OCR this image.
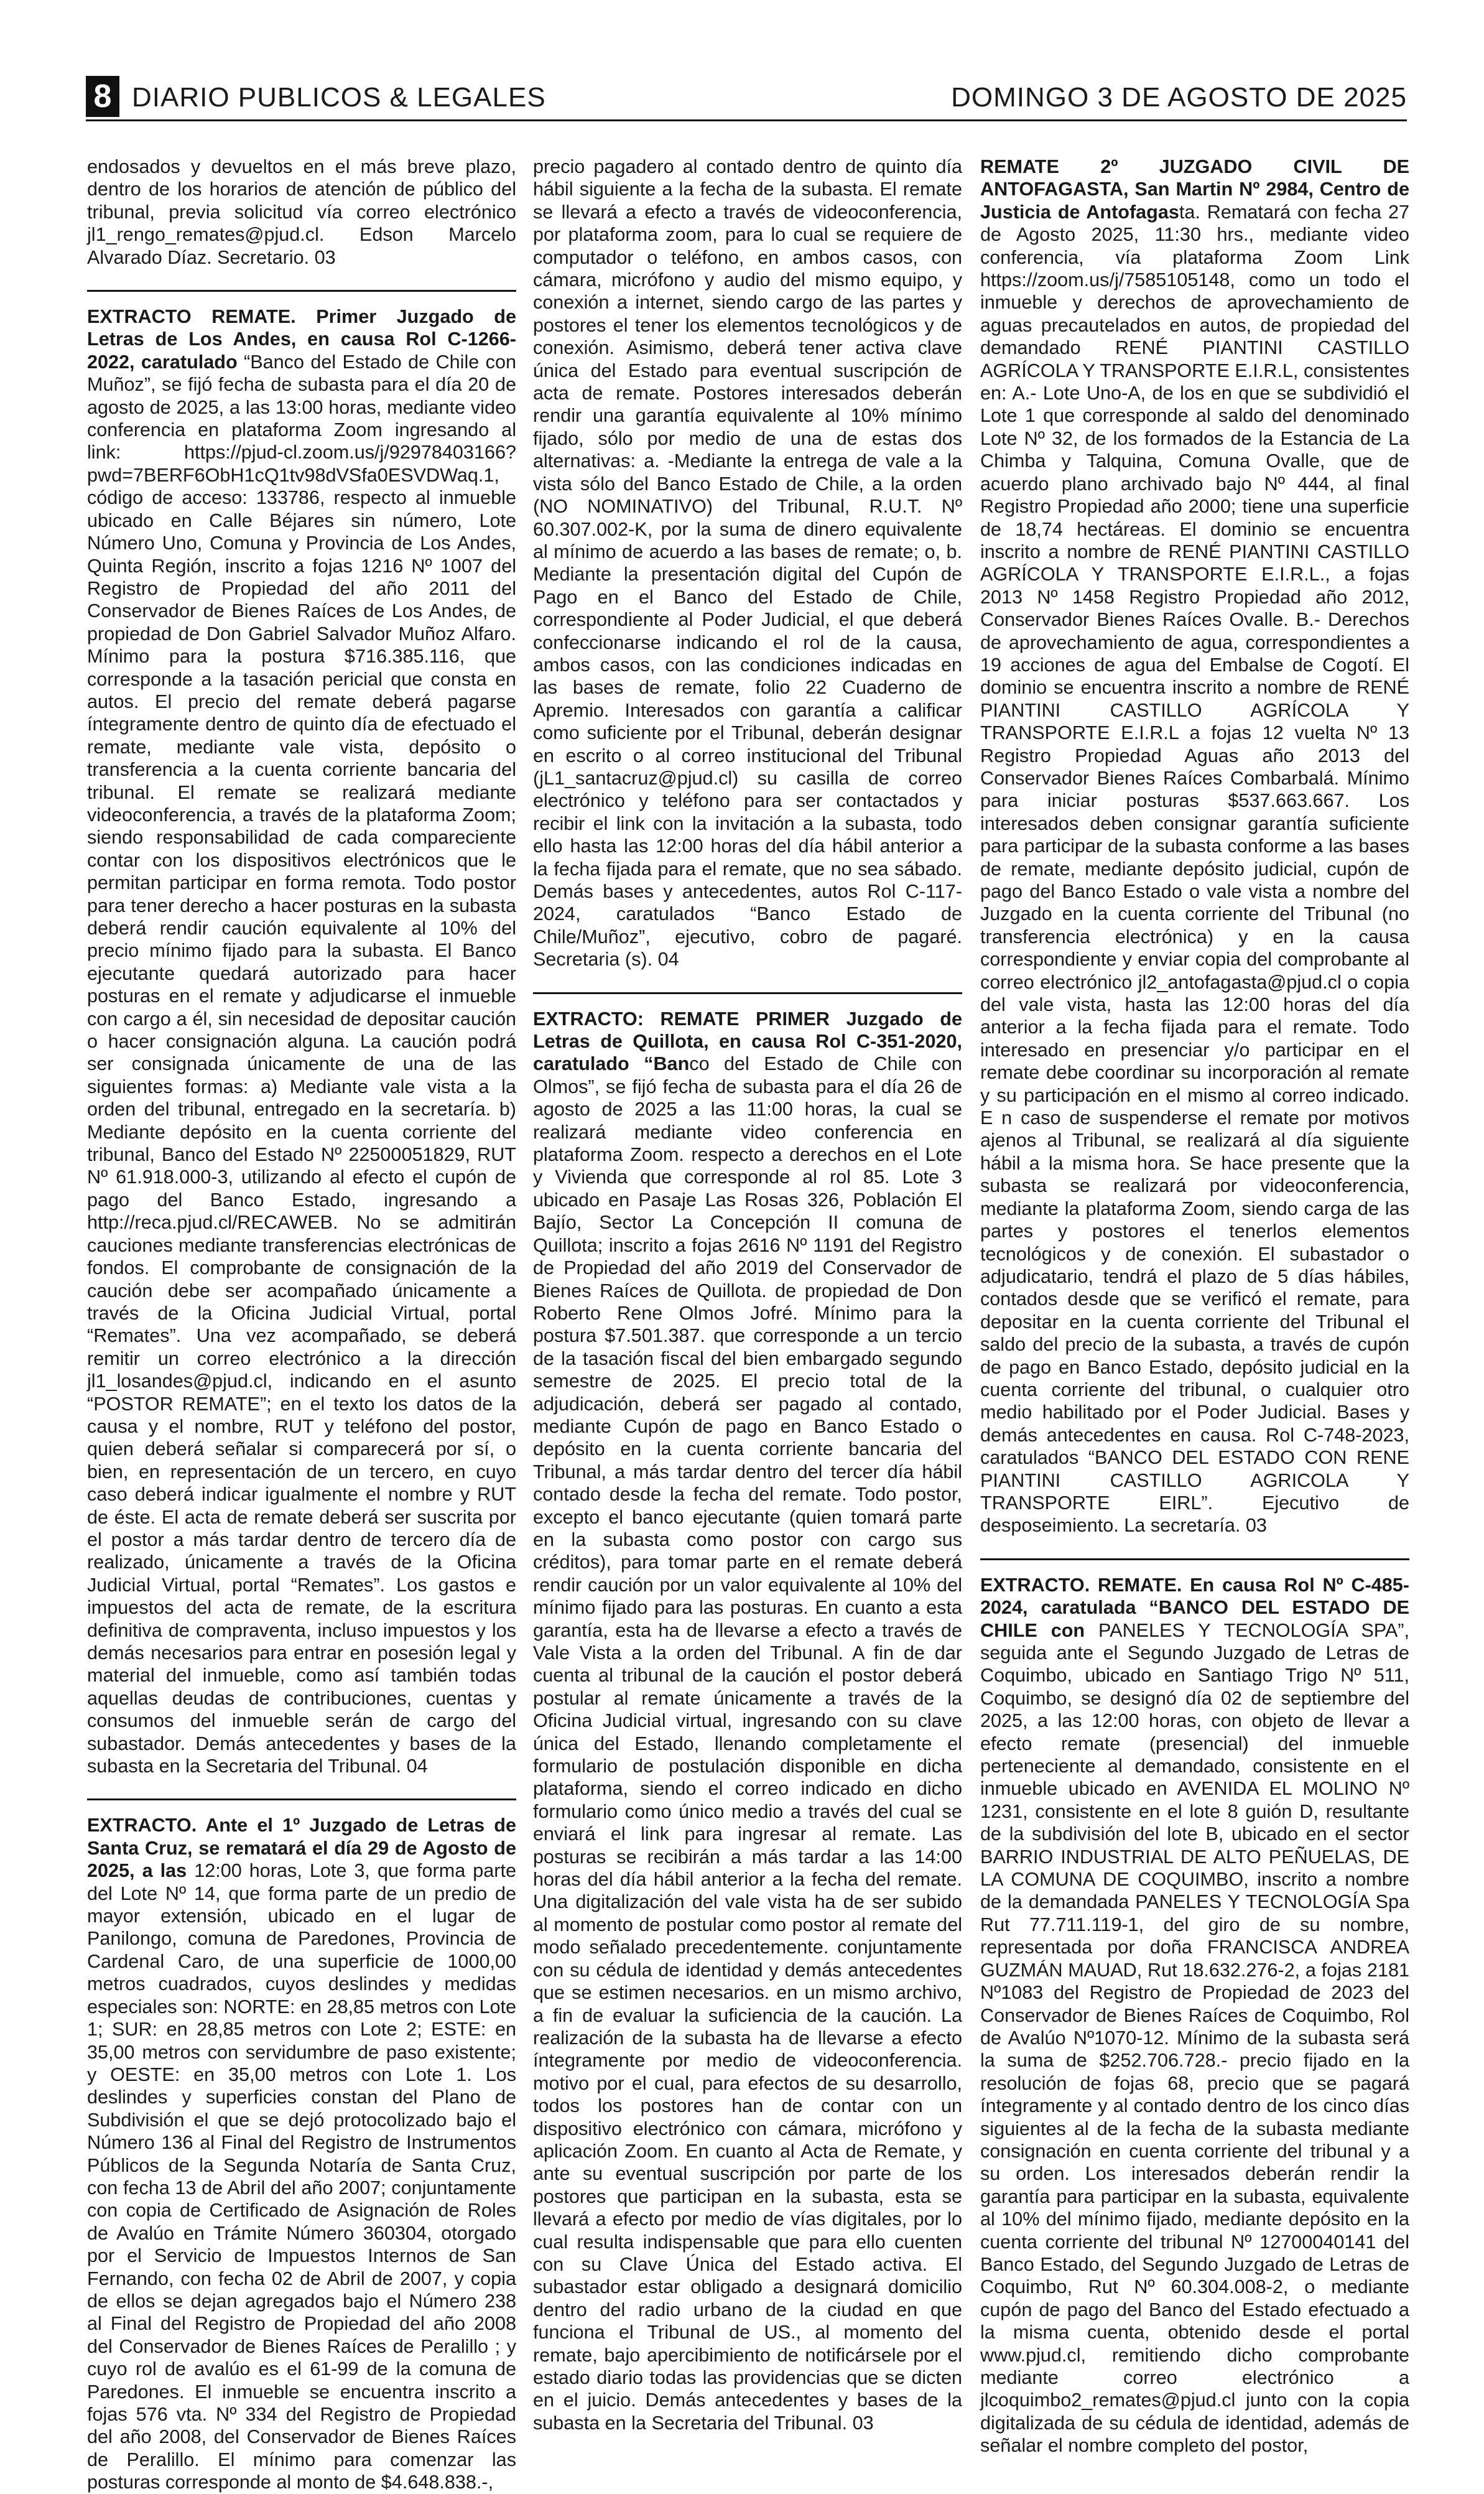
8 DIARIO PUBLICOS & LEGALES	DOMINGO 3 DE AGOSTO DE 2025

endosados y devueltos en el más breve plazo, dentro de los horarios de atención de público del tribunal, previa solicitud vía correo electrónico jl1_rengo_remates@pjud.cl. Edson Marcelo Alvarado Díaz. Secretario. 03

EXTRACTO REMATE. Primer Juzgado de Letras de Los Andes, en causa Rol C-1266-2022, caratulado “Banco del Estado de Chile con Muñoz”, se fijó fecha de subasta para el día 20 de agosto de 2025, a las 13:00 horas, mediante video conferencia en plataforma Zoom ingresando al link: https://pjud-cl.zoom.us/j/92978403166?pwd=7BERF6ObH1cQ1tv98dVSfa0ESVDWaq.1, código de acceso: 133786, respecto al inmueble ubicado en Calle Béjares sin número, Lote Número Uno, Comuna y Provincia de Los Andes, Quinta Región, inscrito a fojas 1216 Nº 1007 del Registro de Propiedad del año 2011 del Conservador de Bienes Raíces de Los Andes, de propiedad de Don Gabriel Salvador Muñoz Alfaro. Mínimo para la postura $716.385.116, que corresponde a la tasación pericial que consta en autos. El precio del remate deberá pagarse íntegramente dentro de quinto día de efectuado el remate, mediante vale vista, depósito o transferencia a la cuenta corriente bancaria del tribunal. El remate se realizará mediante videoconferencia, a través de la plataforma Zoom; siendo responsabilidad de cada compareciente contar con los dispositivos electrónicos que le permitan participar en forma remota. Todo postor para tener derecho a hacer posturas en la subasta deberá rendir caución equivalente al 10% del precio mínimo fijado para la subasta. El Banco ejecutante quedará autorizado para hacer posturas en el remate y adjudicarse el inmueble con cargo a él, sin necesidad de depositar caución o hacer consignación alguna. La caución podrá ser consignada únicamente de una de las siguientes formas: a) Mediante vale vista a la orden del tribunal, entregado en la secretaría. b) Mediante depósito en la cuenta corriente del tribunal, Banco del Estado Nº 22500051829, RUT Nº 61.918.000-3, utilizando al efecto el cupón de pago del Banco Estado, ingresando a http://reca.pjud.cl/RECAWEB. No se admitirán cauciones mediante transferencias electrónicas de fondos. El comprobante de consignación de la caución debe ser acompañado únicamente a través de la Oficina Judicial Virtual, portal “Remates”. Una vez acompañado, se deberá remitir un correo electrónico a la dirección jl1_losandes@pjud.cl, indicando en el asunto “POSTOR REMATE”; en el texto los datos de la causa y el nombre, RUT y teléfono del postor, quien deberá señalar si comparecerá por sí, o bien, en representación de un tercero, en cuyo caso deberá indicar igualmente el nombre y RUT de éste. El acta de remate deberá ser suscrita por el postor a más tardar dentro de tercero día de realizado, únicamente a través de la Oficina Judicial Virtual, portal “Remates”. Los gastos e impuestos del acta de remate, de la escritura definitiva de compraventa, incluso impuestos y los demás necesarios para entrar en posesión legal y material del inmueble, como así también todas aquellas deudas de contribuciones, cuentas y consumos del inmueble serán de cargo del subastador. Demás antecedentes y bases de la subasta en la Secretaria del Tribunal. 04

EXTRACTO. Ante el 1º Juzgado de Letras de Santa Cruz, se rematará el día 29 de Agosto de 2025, a las 12:00 horas, Lote 3, que forma parte del Lote Nº 14, que forma parte de un predio de mayor extensión, ubicado en el lugar de Panilongo, comuna de Paredones, Provincia de Cardenal Caro, de una superficie de 1000,00 metros cuadrados, cuyos deslindes y medidas especiales son: NORTE: en 28,85 metros con Lote 1; SUR: en 28,85 metros con Lote 2; ESTE: en 35,00 metros con servidumbre de paso existente; y OESTE: en 35,00 metros con Lote 1. Los deslindes y superficies constan del Plano de Subdivisión el que se dejó protocolizado bajo el Número 136 al Final del Registro de Instrumentos Públicos de la Segunda Notaría de Santa Cruz, con fecha 13 de Abril del año 2007; conjuntamente con copia de Certificado de Asignación de Roles de Avalúo en Trámite Número 360304, otorgado por el Servicio de Impuestos Internos de San Fernando, con fecha 02 de Abril de 2007, y copia de ellos se dejan agregados bajo el Número 238 al Final del Registro de Propiedad del año 2008 del Conservador de Bienes Raíces de Peralillo ; y cuyo rol de avalúo es el 61-99 de la comuna de Paredones. El inmueble se encuentra inscrito a fojas 576 vta. Nº 334 del Registro de Propiedad del año 2008, del Conservador de Bienes Raíces de Peralillo. El mínimo para comenzar las posturas corresponde al monto de $4.648.838.-,

precio pagadero al contado dentro de quinto día hábil siguiente a la fecha de la subasta. El remate se llevará a efecto a través de videoconferencia, por plataforma zoom, para lo cual se requiere de computador o teléfono, en ambos casos, con cámara, micrófono y audio del mismo equipo, y conexión a internet, siendo cargo de las partes y postores el tener los elementos tecnológicos y de conexión. Asimismo, deberá tener activa clave única del Estado para eventual suscripción de acta de remate. Postores interesados deberán rendir una garantía equivalente al 10% mínimo fijado, sólo por medio de una de estas dos alternativas: a. -Mediante la entrega de vale a la vista sólo del Banco Estado de Chile, a la orden (NO NOMINATIVO) del Tribunal, R.U.T. Nº 60.307.002-K, por la suma de dinero equivalente al mínimo de acuerdo a las bases de remate; o, b. Mediante la presentación digital del Cupón de Pago en el Banco del Estado de Chile, correspondiente al Poder Judicial, el que deberá confeccionarse indicando el rol de la causa, ambos casos, con las condiciones indicadas en las bases de remate, folio 22 Cuaderno de Apremio. Interesados con garantía a calificar como suficiente por el Tribunal, deberán designar en escrito o al correo institucional del Tribunal (jL1_santacruz@pjud.cl) su casilla de correo electrónico y teléfono para ser contactados y recibir el link con la invitación a la subasta, todo ello hasta las 12:00 horas del día hábil anterior a la fecha fijada para el remate, que no sea sábado. Demás bases y antecedentes, autos Rol C-117-2024, caratulados “Banco Estado de Chile/Muñoz”, ejecutivo, cobro de pagaré. Secretaria (s). 04

EXTRACTO: REMATE PRIMER Juzgado de Letras de Quillota, en causa Rol C-351-2020, caratulado “Banco del Estado de Chile con Olmos”, se fijó fecha de subasta para el día 26 de agosto de 2025 a las 11:00 horas, la cual se realizará mediante video conferencia en plataforma Zoom. respecto a derechos en el Lote y Vivienda que corresponde al rol 85. Lote 3 ubicado en Pasaje Las Rosas 326, Población El Bajío, Sector La Concepción II comuna de Quillota; inscrito a fojas 2616 Nº 1191 del Registro de Propiedad del año 2019 del Conservador de Bienes Raíces de Quillota. de propiedad de Don Roberto Rene Olmos Jofré. Mínimo para la postura $7.501.387. que corresponde a un tercio de la tasación fiscal del bien embargado segundo semestre de 2025. El precio total de la adjudicación, deberá ser pagado al contado, mediante Cupón de pago en Banco Estado o depósito en la cuenta corriente bancaria del Tribunal, a más tardar dentro del tercer día hábil contado desde la fecha del remate. Todo postor, excepto el banco ejecutante (quien tomará parte en la subasta como postor con cargo sus créditos), para tomar parte en el remate deberá rendir caución por un valor equivalente al 10% del mínimo fijado para las posturas. En cuanto a esta garantía, esta ha de llevarse a efecto a través de Vale Vista a la orden del Tribunal. A fin de dar cuenta al tribunal de la caución el postor deberá postular al remate únicamente a través de la Oficina Judicial virtual, ingresando con su clave única del Estado, llenando completamente el formulario de postulación disponible en dicha plataforma, siendo el correo indicado en dicho formulario como único medio a través del cual se enviará el link para ingresar al remate. Las posturas se recibirán a más tardar a las 14:00 horas del día hábil anterior a la fecha del remate. Una digitalización del vale vista ha de ser subido al momento de postular como postor al remate del modo señalado precedentemente. conjuntamente con su cédula de identidad y demás antecedentes que se estimen necesarios. en un mismo archivo, a fin de evaluar la suficiencia de la caución. La realización de la subasta ha de llevarse a efecto íntegramente por medio de videoconferencia. motivo por el cual, para efectos de su desarrollo, todos los postores han de contar con un dispositivo electrónico con cámara, micrófono y aplicación Zoom. En cuanto al Acta de Remate, y ante su eventual suscripción por parte de los postores que participan en la subasta, esta se llevará a efecto por medio de vías digitales, por lo cual resulta indispensable que para ello cuenten con su Clave Única del Estado activa. El subastador estar obligado a designará domicilio dentro del radio urbano de la ciudad en que funciona el Tribunal de US., al momento del remate, bajo apercibimiento de notificársele por el estado diario todas las providencias que se dicten en el juicio. Demás antecedentes y bases de la subasta en la Secretaria del Tribunal. 03

REMATE 2º JUZGADO CIVIL DE ANTOFAGASTA, San Martin Nº 2984, Centro de Justicia de Antofagasta. Rematará con fecha 27 de Agosto 2025, 11:30 hrs., mediante video conferencia, vía plataforma Zoom Link https://zoom.us/j/7585105148, como un todo el inmueble y derechos de aprovechamiento de aguas precautelados en autos, de propiedad del demandado RENÉ PIANTINI CASTILLO AGRÍCOLA Y TRANSPORTE E.I.R.L, consistentes en: A.- Lote Uno-A, de los en que se subdividió el Lote 1 que corresponde al saldo del denominado Lote Nº 32, de los formados de la Estancia de La Chimba y Talquina, Comuna Ovalle, que de acuerdo plano archivado bajo Nº 444, al final Registro Propiedad año 2000; tiene una superficie de 18,74 hectáreas. El dominio se encuentra inscrito a nombre de RENÉ PIANTINI CASTILLO AGRÍCOLA Y TRANSPORTE E.I.R.L., a fojas 2013 Nº 1458 Registro Propiedad año 2012, Conservador Bienes Raíces Ovalle. B.- Derechos de aprovechamiento de agua, correspondientes a 19 acciones de agua del Embalse de Cogotí. El dominio se encuentra inscrito a nombre de RENÉ PIANTINI CASTILLO AGRÍCOLA Y TRANSPORTE E.I.R.L a fojas 12 vuelta Nº 13 Registro Propiedad Aguas año 2013 del Conservador Bienes Raíces Combarbalá. Mínimo para iniciar posturas $537.663.667. Los interesados deben consignar garantía suficiente para participar de la subasta conforme a las bases de remate, mediante depósito judicial, cupón de pago del Banco Estado o vale vista a nombre del Juzgado en la cuenta corriente del Tribunal (no transferencia electrónica) y en la causa correspondiente y enviar copia del comprobante al correo electrónico jl2_antofagasta@pjud.cl o copia del vale vista, hasta las 12:00 horas del día anterior a la fecha fijada para el remate. Todo interesado en presenciar y/o participar en el remate debe coordinar su incorporación al remate y su participación en el mismo al correo indicado. E n caso de suspenderse el remate por motivos ajenos al Tribunal, se realizará al día siguiente hábil a la misma hora. Se hace presente que la subasta se realizará por videoconferencia, mediante la plataforma Zoom, siendo carga de las partes y postores el tenerlos elementos tecnológicos y de conexión. El subastador o adjudicatario, tendrá el plazo de 5 días hábiles, contados desde que se verificó el remate, para depositar en la cuenta corriente del Tribunal el saldo del precio de la subasta, a través de cupón de pago en Banco Estado, depósito judicial en la cuenta corriente del tribunal, o cualquier otro medio habilitado por el Poder Judicial. Bases y demás antecedentes en causa. Rol C-748-2023, caratulados “BANCO DEL ESTADO CON RENE PIANTINI CASTILLO AGRICOLA Y TRANSPORTE EIRL”. Ejecutivo de desposeimiento. La secretaría. 03

EXTRACTO. REMATE. En causa Rol Nº C-485-2024, caratulada “BANCO DEL ESTADO DE CHILE con PANELES Y TECNOLOGÍA SPA”, seguida ante el Segundo Juzgado de Letras de Coquimbo, ubicado en Santiago Trigo Nº 511, Coquimbo, se designó día 02 de septiembre del 2025, a las 12:00 horas, con objeto de llevar a efecto remate (presencial) del inmueble perteneciente al demandado, consistente en el inmueble ubicado en AVENIDA EL MOLINO Nº 1231, consistente en el lote 8 guión D, resultante de la subdivisión del lote B, ubicado en el sector BARRIO INDUSTRIAL DE ALTO PEÑUELAS, DE LA COMUNA DE COQUIMBO, inscrito a nombre de la demandada PANELES Y TECNOLOGÍA Spa Rut 77.711.119-1, del giro de su nombre, representada por doña FRANCISCA ANDREA GUZMÁN MAUAD, Rut 18.632.276-2, a fojas 2181 Nº1083 del Registro de Propiedad de 2023 del Conservador de Bienes Raíces de Coquimbo, Rol de Avalúo Nº1070-12. Mínimo de la subasta será la suma de $252.706.728.- precio fijado en la resolución de fojas 68, precio que se pagará íntegramente y al contado dentro de los cinco días siguientes al de la fecha de la subasta mediante consignación en cuenta corriente del tribunal y a su orden. Los interesados deberán rendir la garantía para participar en la subasta, equivalente al 10% del mínimo fijado, mediante depósito en la cuenta corriente del tribunal Nº 12700040141 del Banco Estado, del Segundo Juzgado de Letras de Coquimbo, Rut Nº 60.304.008-2, o mediante cupón de pago del Banco del Estado efectuado a la misma cuenta, obtenido desde el portal www.pjud.cl, remitiendo dicho comprobante mediante correo electrónico a jlcoquimbo2_remates@pjud.cl junto con la copia digitalizada de su cédula de identidad, además de señalar el nombre completo del postor,
